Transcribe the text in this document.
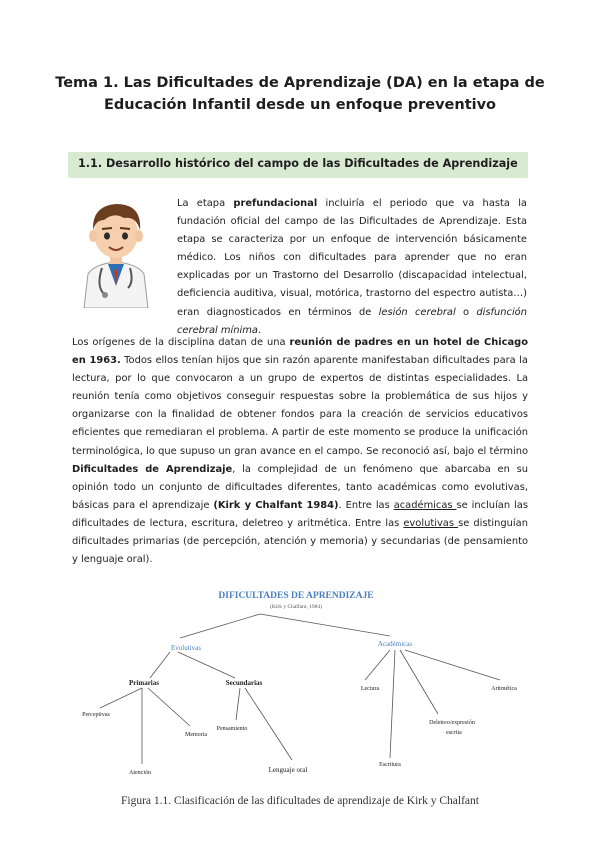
Tema 1. Las Dificultades de Aprendizaje (DA) en la etapa de
Educación Infantil desde un enfoque preventivo
1.1. Desarrollo histórico del campo de las Dificultades de Aprendizaje
La etapa prefundacional incluiría el periodo que va hasta la fundación oficial del campo de las Dificultades de Aprendizaje. Esta etapa se caracteriza por un enfoque de intervención básicamente médico. Los niños con dificultades para aprender que no eran explicadas por un Trastorno del Desarrollo (discapacidad intelectual, deficiencia auditiva, visual, motórica, trastorno del espectro autista…) eran diagnosticados en términos de lesión cerebral o disfunción cerebral mínima.
Los orígenes de la disciplina datan de una reunión de padres en un hotel de Chicago en 1963. Todos ellos tenían hijos que sin razón aparente manifestaban dificultades para la lectura, por lo que convocaron a un grupo de expertos de distintas especialidades. La reunión tenía como objetivos conseguir respuestas sobre la problemática de sus hijos y organizarse con la finalidad de obtener fondos para la creación de servicios educativos eficientes que remediaran el problema. A partir de este momento se produce la unificación terminológica, lo que supuso un gran avance en el campo. Se reconoció así, bajo el término Dificultades de Aprendizaje, la complejidad de un fenómeno que abarcaba en su opinión todo un conjunto de dificultades diferentes, tanto académicas como evolutivas, básicas para el aprendizaje (Kirk y Chalfant 1984). Entre las académicas se incluían las dificultades de lectura, escritura, deletreo y aritmética. Entre las evolutivas se distinguían dificultades primarias (de percepción, atención y memoria) y secundarias (de pensamiento y lenguaje oral).
DIFICULTADES DE APRENDIZAJE
(Kirk y Chalfant, 1984)
Evolutivas	Académicas
Primarias	Secundarias
Perceptivas
Memoria
Atención
Pensamiento
Lenguaje oral
Lectura
Escritura
Deletreo/expresión
escrita
Aritmética
Figura 1.1. Clasificación de las dificultades de aprendizaje de Kirk y Chalfant
